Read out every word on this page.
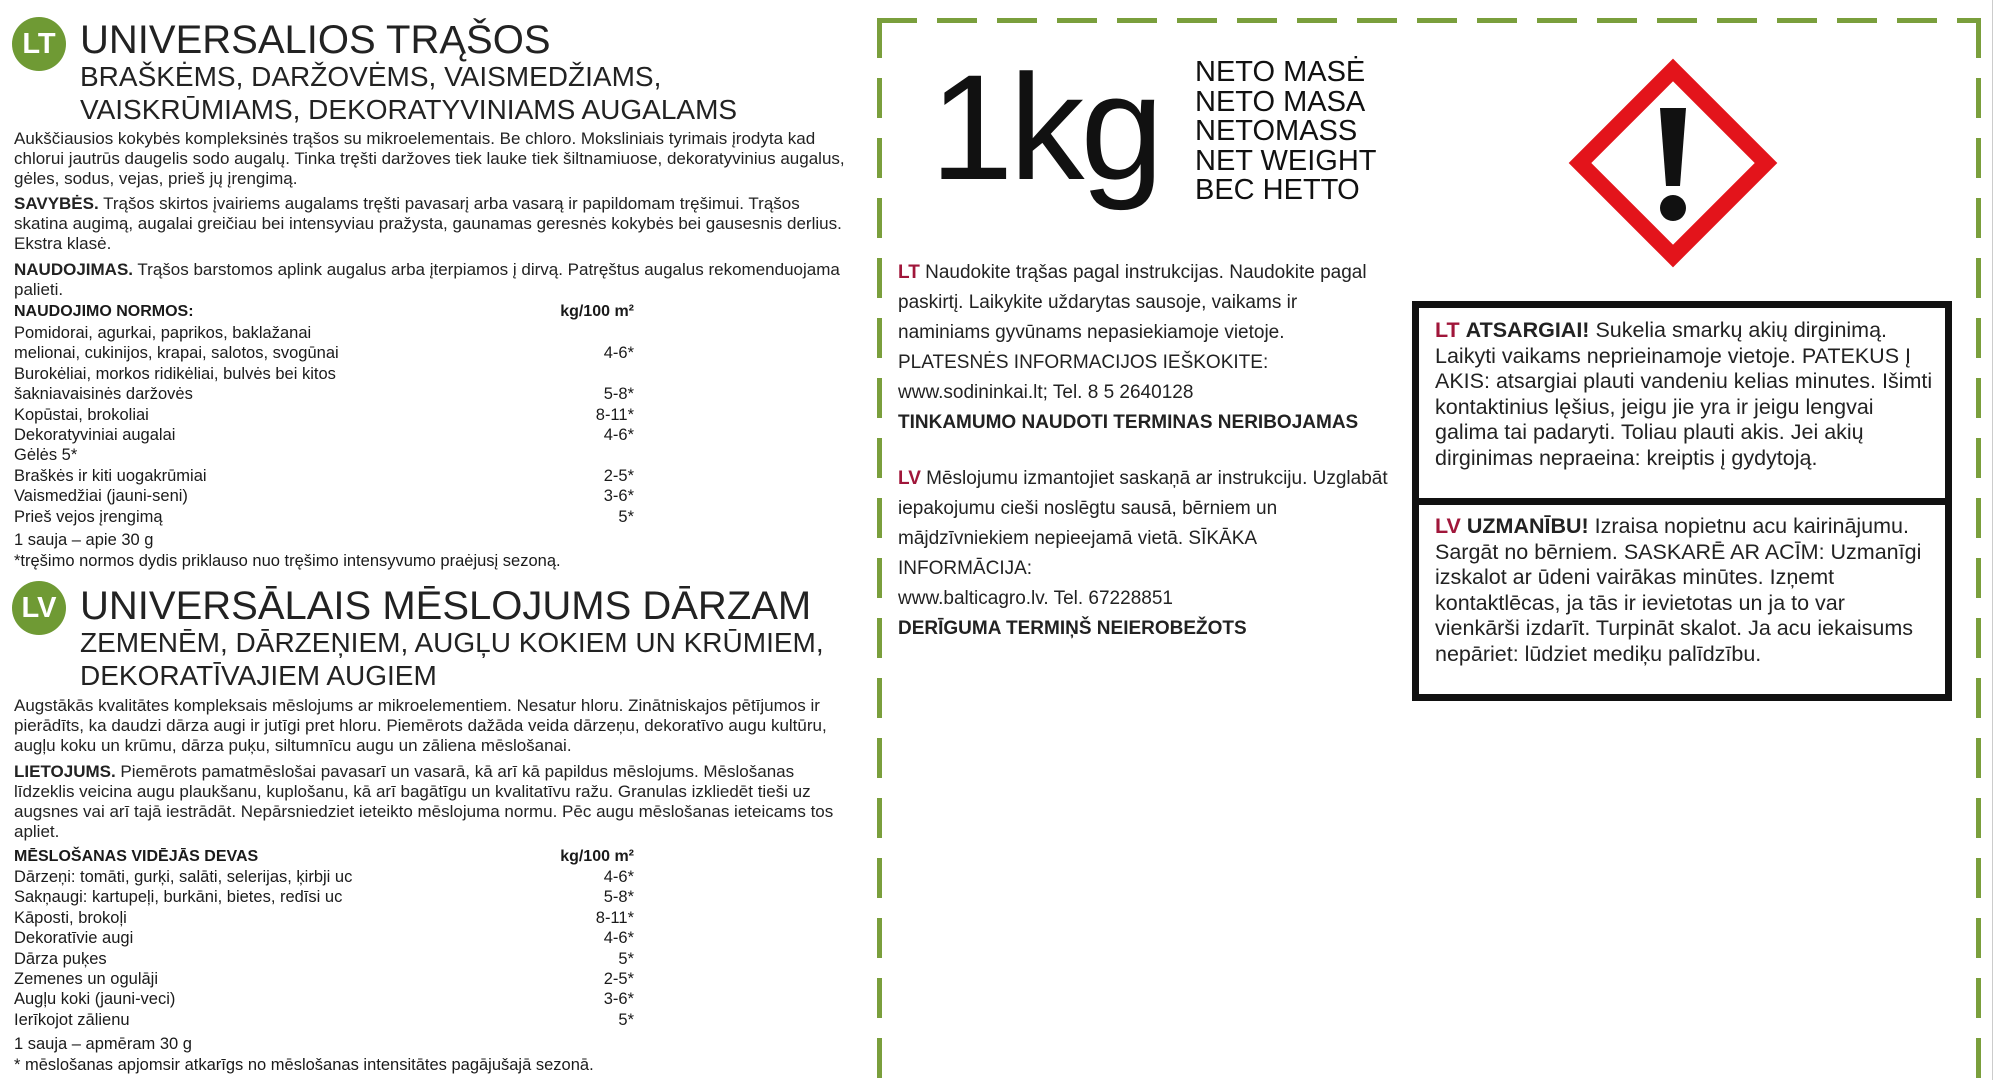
LT UNIVERSALIOS TRĄŠOS
BRAŠKĖMS, DARŽOVĖMS, VAISMEDŽIAMS,
VAISKRŪMIAMS, DEKORATYVINIAMS AUGALAMS
Aukščiausios kokybės kompleksinės trąšos su mikroelementais. Be chloro. Moksliniais tyrimais įrodyta kad chlorui jautrūs daugelis sodo augalų. Tinka tręšti daržoves tiek lauke tiek šiltnamiuose, dekoratyvinius augalus, gėles, sodus, vejas, prieš jų įrengimą.
SAVYBĖS. Trąšos skirtos įvairiems augalams tręšti pavasarį arba vasarą ir papildomam tręšimui. Trąšos skatina augimą, augalai greičiau bei intensyviau pražysta, gaunamas geresnės kokybės bei gausesnis derlius. Ekstra klasė.
NAUDOJIMAS. Trąšos barstomos aplink augalus arba įterpiamos į dirvą. Patręštus augalus rekomenduojama palieti.
NAUDOJIMO NORMOS:	kg/100 m²
Pomidorai, agurkai, paprikos, baklažanai
melionai, cukinijos, krapai, salotos, svogūnai	4-6*
Burokėliai, morkos ridikėliai, bulvės bei kitos
šakniavaisinės daržovės	5-8*
Kopūstai, brokoliai	8-11*
Dekoratyviniai augalai	4-6*
Gėlės 5*
Braškės ir kiti uogakrūmiai	2-5*
Vaismedžiai (jauni-seni)	3-6*
Prieš vejos įrengimą	5*
1 sauja – apie 30 g
*tręšimo normos dydis priklauso nuo tręšimo intensyvumo praėjusį sezoną.
LV UNIVERSĀLAIS MĒSLOJUMS DĀRZAM
ZEMENĒM, DĀRZEŅIEM, AUGĻU KOKIEM UN KRŪMIEM,
DEKORATĪVAJIEM AUGIEM
Augstākās kvalitātes kompleksais mēslojums ar mikroelementiem. Nesatur hloru. Zinātniskajos pētījumos ir pierādīts, ka daudzi dārza augi ir jutīgi pret hloru. Piemērots dažāda veida dārzeņu, dekoratīvo augu kultūru, augļu koku un krūmu, dārza puķu, siltumnīcu augu un zāliena mēslošanai.
LIETOJUMS. Piemērots pamatmēslošai pavasarī un vasarā, kā arī kā papildus mēslojums. Mēslošanas līdzeklis veicina augu plaukšanu, kuplošanu, kā arī bagātīgu un kvalitatīvu ražu. Granulas izkliedēt tieši uz augsnes vai arī tajā iestrādāt. Nepārsniedziet ieteikto mēslojuma normu. Pēc augu mēslošanas ieteicams tos apliet.
MĒSLOŠANAS VIDĒJĀS DEVAS	kg/100 m²
Dārzeņi: tomāti, gurķi, salāti, selerijas, ķirbji uc	4-6*
Sakņaugi: kartupeļi, burkāni, bietes, redīsi uc	5-8*
Kāposti, brokoļi	8-11*
Dekoratīvie augi	4-6*
Dārza puķes	5*
Zemenes un ogulāji	2-5*
Augļu koki (jauni-veci)	3-6*
Ierīkojot zālienu	5*
1 sauja – apmēram 30 g
* mēslošanas apjomsir atkarīgs no mēslošanas intensitātes pagājušajā sezonā.
1kg NETO MASĖ
NETO MASA
NETOMASS
NET WEIGHT
ВЕС НЕТТО
LT Naudokite trąšas pagal instrukcijas. Naudokite pagal paskirtį. Laikykite uždarytas sausoje, vaikams ir naminiams gyvūnams nepasiekiamoje vietoje.
PLATESNĖS INFORMACIJOS IEŠKOKITE:
www.sodininkai.lt; Tel. 8 5 2640128
TINKAMUMO NAUDOTI TERMINAS NERIBOJAMAS
LV Mēslojumu izmantojiet saskaņā ar instrukciju. Uzglabāt iepakojumu cieši noslēgtu sausā, bērniem un mājdzīvniekiem nepieejamā vietā. SĪKĀKA INFORMĀCIJA:
www.balticagro.lv. Tel. 67228851
DERĪGUMA TERMIŅŠ NEIEROBEŽOTS
LT ATSARGIAI! Sukelia smarkų akių dirginimą. Laikyti vaikams neprieinamoje vietoje. PATEKUS Į AKIS: atsargiai plauti vandeniu kelias minutes. Išimti kontaktinius lęšius, jeigu jie yra ir jeigu lengvai galima tai padaryti. Toliau plauti akis. Jei akių dirginimas nepraeina: kreiptis į gydytoją.
LV UZMANĪBU! Izraisa nopietnu acu kairinājumu. Sargāt no bērniem. SASKARĒ AR ACĪM: Uzmanīgi izskalot ar ūdeni vairākas minūtes. Izņemt kontaktlēcas, ja tās ir ievietotas un ja to var vienkārši izdarīt. Turpināt skalot. Ja acu iekaisums nepāriet: lūdziet mediķu palīdzību.
